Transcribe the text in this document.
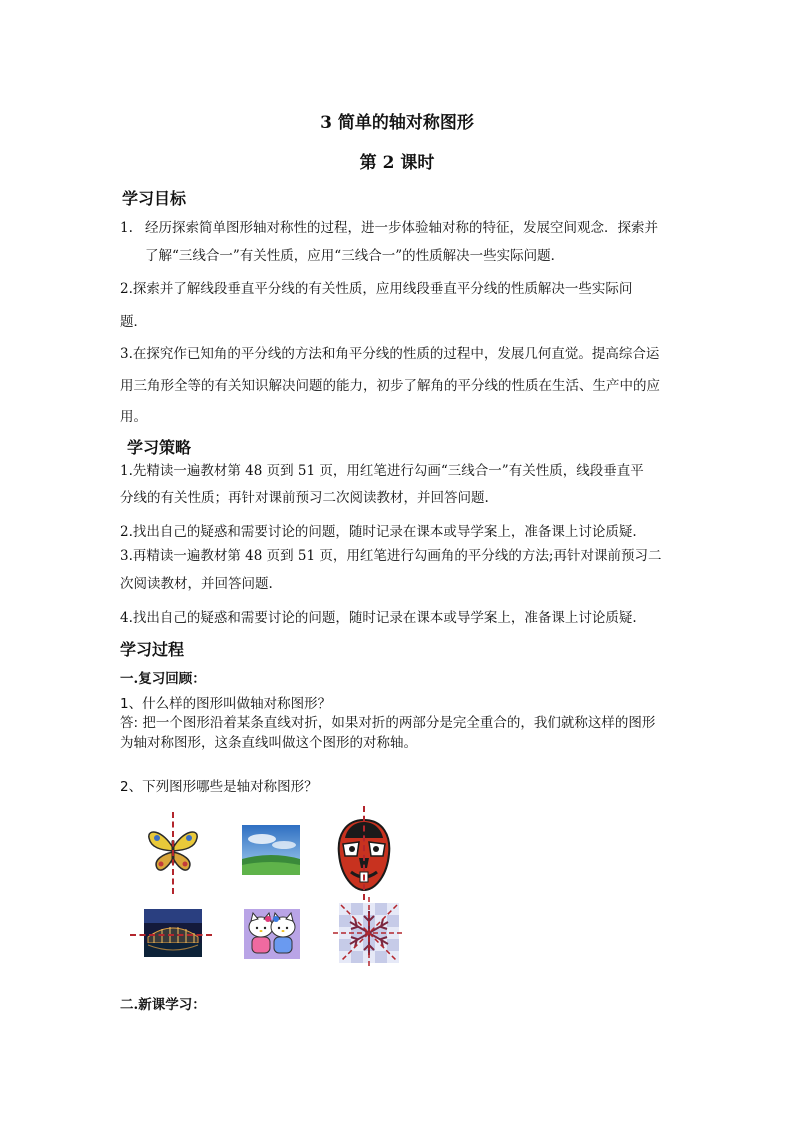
3 简单的轴对称图形
第 2 课时
学习目标
1. 经历探索简单图形轴对称性的过程，进一步体验轴对称的特征，发展空间观念．探索并
了解“三线合一”有关性质，应用“三线合一”的性质解决一些实际问题．
2.探索并了解线段垂直平分线的有关性质，应用线段垂直平分线的性质解决一些实际问
题．
3.在探究作已知角的平分线的方法和角平分线的性质的过程中，发展几何直觉。提高综合运
用三角形全等的有关知识解决问题的能力，初步了解角的平分线的性质在生活、生产中的应
用。
学习策略
1.先精读一遍教材第 48 页到 51 页，用红笔进行勾画“三线合一”有关性质，线段垂直平
分线的有关性质；再针对课前预习二次阅读教材，并回答问题.
2.找出自己的疑惑和需要讨论的问题，随时记录在课本或导学案上，准备课上讨论质疑.
3.再精读一遍教材第 48 页到 51 页，用红笔进行勾画角的平分线的方法;再针对课前预习二
次阅读教材，并回答问题.
4.找出自己的疑惑和需要讨论的问题，随时记录在课本或导学案上，准备课上讨论质疑.
学习过程
一.复习回顾：
1、什么样的图形叫做轴对称图形？
答: 把一个图形沿着某条直线对折，如果对折的两部分是完全重合的，我们就称这样的图形
为轴对称图形，这条直线叫做这个图形的对称轴。
2、下列图形哪些是轴对称图形？
二.新课学习：
